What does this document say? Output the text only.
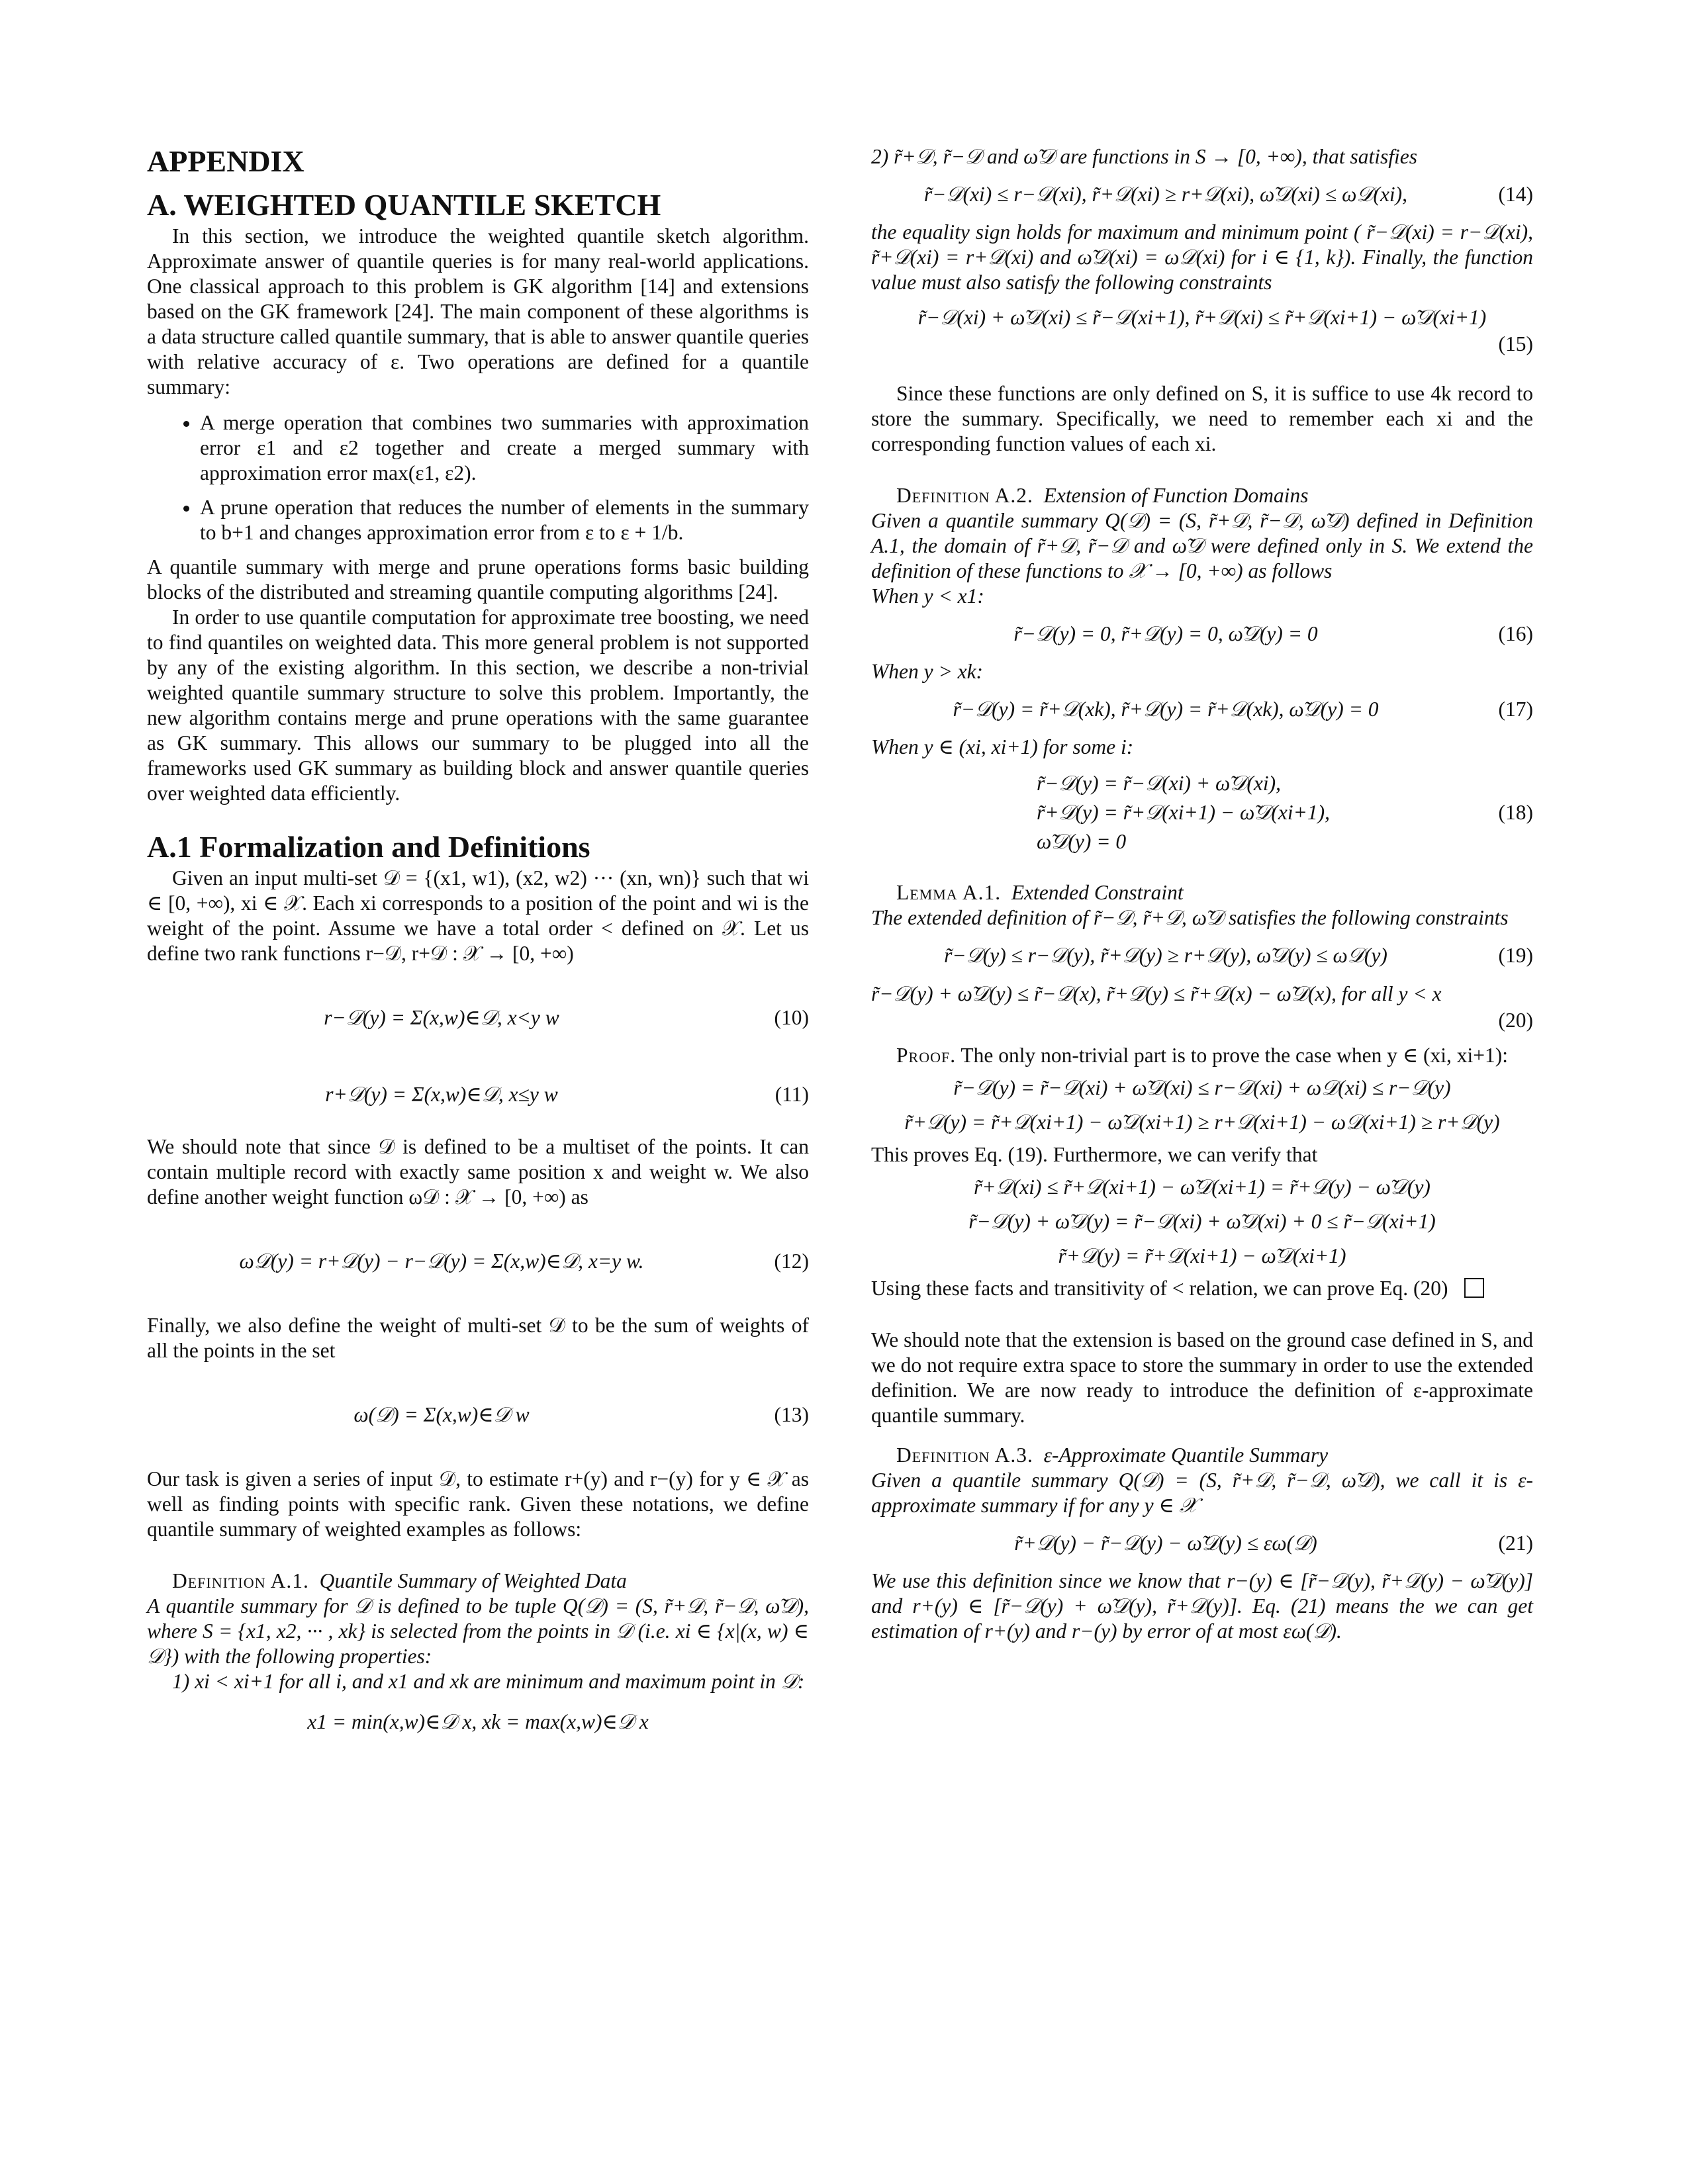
APPENDIX
A. WEIGHTED QUANTILE SKETCH

In this section, we introduce the weighted quantile sketch algorithm. Approximate answer of quantile queries is for many real-world applications. One classical approach to this problem is GK algorithm [14] and extensions based on the GK framework [24]. The main component of these algorithms is a data structure called quantile summary, that is able to answer quantile queries with relative accuracy of ε. Two operations are defined for a quantile summary:

• A merge operation that combines two summaries with approximation error ε1 and ε2 together and create a merged summary with approximation error max(ε1, ε2).
• A prune operation that reduces the number of elements in the summary to b+1 and changes approximation error from ε to ε + 1/b.

A quantile summary with merge and prune operations forms basic building blocks of the distributed and streaming quantile computing algorithms [24].

In order to use quantile computation for approximate tree boosting, we need to find quantiles on weighted data. This more general problem is not supported by any of the existing algorithm. In this section, we describe a non-trivial weighted quantile summary structure to solve this problem. Importantly, the new algorithm contains merge and prune operations with the same guarantee as GK summary. This allows our summary to be plugged into all the frameworks used GK summary as building block and answer quantile queries over weighted data efficiently.

A.1 Formalization and Definitions

Given an input multi-set 𝒟 = {(x1, w1), (x2, w2) ··· (xn, wn)} such that wi ∈ [0, +∞), xi ∈ 𝒳. Each xi corresponds to a position of the point and wi is the weight of the point. Assume we have a total order < defined on 𝒳. Let us define two rank functions r−𝒟, r+𝒟 : 𝒳 → [0, +∞)

r−𝒟(y) = Σ(x,w)∈𝒟, x<y w	(10)
r+𝒟(y) = Σ(x,w)∈𝒟, x≤y w	(11)

We should note that since 𝒟 is defined to be a multiset of the points. It can contain multiple record with exactly same position x and weight w. We also define another weight function ω𝒟 : 𝒳 → [0, +∞) as

ω𝒟(y) = r+𝒟(y) − r−𝒟(y) = Σ(x,w)∈𝒟, x=y w.	(12)

Finally, we also define the weight of multi-set 𝒟 to be the sum of weights of all the points in the set

ω(𝒟) = Σ(x,w)∈𝒟 w	(13)

Our task is given a series of input 𝒟, to estimate r+(y) and r−(y) for y ∈ 𝒳 as well as finding points with specific rank. Given these notations, we define quantile summary of weighted examples as follows:

Definition A.1. Quantile Summary of Weighted Data

A quantile summary for 𝒟 is defined to be tuple Q(𝒟) = (S, r̃+𝒟, r̃−𝒟, ω̃𝒟), where S = {x1, x2, ··· , xk} is selected from the points in 𝒟 (i.e. xi ∈ {x|(x, w) ∈ 𝒟}) with the following properties:

1) xi < xi+1 for all i, and x1 and xk are minimum and maximum point in 𝒟:

x1 = min(x,w)∈𝒟 x, xk = max(x,w)∈𝒟 x

2) r̃+𝒟, r̃−𝒟 and ω̃𝒟 are functions in S → [0, +∞), that satisfies

r̃−𝒟(xi) ≤ r−𝒟(xi), r̃+𝒟(xi) ≥ r+𝒟(xi), ω̃𝒟(xi) ≤ ω𝒟(xi),	(14)

the equality sign holds for maximum and minimum point ( r̃−𝒟(xi) = r−𝒟(xi), r̃+𝒟(xi) = r+𝒟(xi) and ω̃𝒟(xi) = ω𝒟(xi) for i ∈ {1, k}). Finally, the function value must also satisfy the following constraints

r̃−𝒟(xi) + ω̃𝒟(xi) ≤ r̃−𝒟(xi+1), r̃+𝒟(xi) ≤ r̃+𝒟(xi+1) − ω̃𝒟(xi+1)
(15)

Since these functions are only defined on S, it is suffice to use 4k record to store the summary. Specifically, we need to remember each xi and the corresponding function values of each xi.

Definition A.2. Extension of Function Domains

Given a quantile summary Q(𝒟) = (S, r̃+𝒟, r̃−𝒟, ω̃𝒟) defined in Definition A.1, the domain of r̃+𝒟, r̃−𝒟 and ω̃𝒟 were defined only in S. We extend the definition of these functions to 𝒳 → [0, +∞) as follows

When y < x1:

r̃−𝒟(y) = 0, r̃+𝒟(y) = 0, ω̃𝒟(y) = 0	(16)

When y > xk:

r̃−𝒟(y) = r̃+𝒟(xk), r̃+𝒟(y) = r̃+𝒟(xk), ω̃𝒟(y) = 0	(17)

When y ∈ (xi, xi+1) for some i:

r̃−𝒟(y) = r̃−𝒟(xi) + ω̃𝒟(xi),
r̃+𝒟(y) = r̃+𝒟(xi+1) − ω̃𝒟(xi+1),
ω̃𝒟(y) = 0
(18)

Lemma A.1. Extended Constraint

The extended definition of r̃−𝒟, r̃+𝒟, ω̃𝒟 satisfies the following constraints

r̃−𝒟(y) ≤ r−𝒟(y), r̃+𝒟(y) ≥ r+𝒟(y), ω̃𝒟(y) ≤ ω𝒟(y)	(19)
r̃−𝒟(y) + ω̃𝒟(y) ≤ r̃−𝒟(x), r̃+𝒟(y) ≤ r̃+𝒟(x) − ω̃𝒟(x), for all y < x
(20)

Proof. The only non-trivial part is to prove the case when y ∈ (xi, xi+1):

r̃−𝒟(y) = r̃−𝒟(xi) + ω̃𝒟(xi) ≤ r−𝒟(xi) + ω𝒟(xi) ≤ r−𝒟(y)
r̃+𝒟(y) = r̃+𝒟(xi+1) − ω̃𝒟(xi+1) ≥ r+𝒟(xi+1) − ω𝒟(xi+1) ≥ r+𝒟(y)

This proves Eq. (19). Furthermore, we can verify that

r̃+𝒟(xi) ≤ r̃+𝒟(xi+1) − ω̃𝒟(xi+1) = r̃+𝒟(y) − ω̃𝒟(y)
r̃−𝒟(y) + ω̃𝒟(y) = r̃−𝒟(xi) + ω̃𝒟(xi) + 0 ≤ r̃−𝒟(xi+1)
r̃+𝒟(y) = r̃+𝒟(xi+1) − ω̃𝒟(xi+1)

Using these facts and transitivity of < relation, we can prove Eq. (20)

We should note that the extension is based on the ground case defined in S, and we do not require extra space to store the summary in order to use the extended definition. We are now ready to introduce the definition of ε-approximate quantile summary.

Definition A.3. ε-Approximate Quantile Summary

Given a quantile summary Q(𝒟) = (S, r̃+𝒟, r̃−𝒟, ω̃𝒟), we call it is ε-approximate summary if for any y ∈ 𝒳

r̃+𝒟(y) − r̃−𝒟(y) − ω̃𝒟(y) ≤ εω(𝒟)	(21)

We use this definition since we know that r−(y) ∈ [r̃−𝒟(y), r̃+𝒟(y) − ω̃𝒟(y)] and r+(y) ∈ [r̃−𝒟(y) + ω̃𝒟(y), r̃+𝒟(y)]. Eq. (21) means the we can get estimation of r+(y) and r−(y) by error of at most εω(𝒟).
